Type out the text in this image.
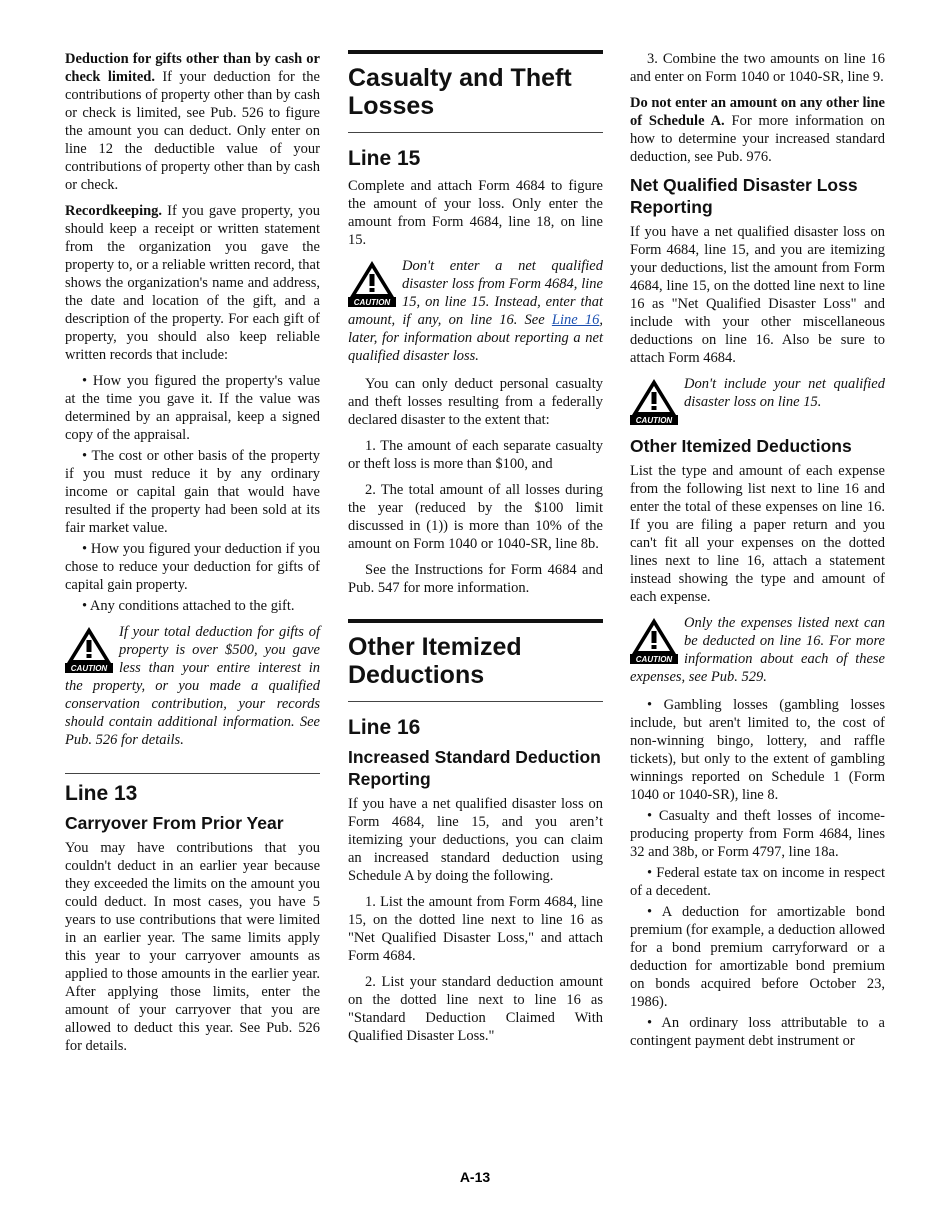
Deduction for gifts other than by cash or check limited. If your deduction for the contributions of property other than by cash or check is limited, see Pub. 526 to figure the amount you can deduct. Only enter on line 12 the deductible value of your contributions of property other than by cash or check.

Recordkeeping. If you gave property, you should keep a receipt or written statement from the organization you gave the property to, or a reliable written record, that shows the organization's name and address, the date and location of the gift, and a description of the property. For each gift of property, you should also keep reliable written records that include:

• How you figured the property's value at the time you gave it. If the value was determined by an appraisal, keep a signed copy of the appraisal.
• The cost or other basis of the property if you must reduce it by any ordinary income or capital gain that would have resulted if the property had been sold at its fair market value.
• How you figured your deduction if you chose to reduce your deduction for gifts of capital gain property.
• Any conditions attached to the gift.
CAUTION
If your total deduction for gifts of property is over $500, you gave less than your entire interest in the property, or you made a qualified conservation contribution, your records should contain additional information. See Pub. 526 for details.
Line 13
Carryover From Prior Year

You may have contributions that you couldn't deduct in an earlier year because they exceeded the limits on the amount you could deduct. In most cases, you have 5 years to use contributions that were limited in an earlier year. The same limits apply this year to your carryover amounts as applied to those amounts in the earlier year. After applying those limits, enter the amount of your carryover that you are allowed to deduct this year. See Pub. 526 for details.

Casualty and Theft Losses
Line 15

Complete and attach Form 4684 to figure the amount of your loss. Only enter the amount from Form 4684, line 18, on line 15.

CAUTION
Don't enter a net qualified disaster loss from Form 4684, line 15, on line 15. Instead, enter that amount, if any, on line 16. See Line 16, later, for information about reporting a net qualified disaster loss.

You can only deduct personal casualty and theft losses resulting from a federally declared disaster to the extent that:

1. The amount of each separate casualty or theft loss is more than $100, and

2. The total amount of all losses during the year (reduced by the $100 limit discussed in (1)) is more than 10% of the amount on Form 1040 or 1040-SR, line 8b.

See the Instructions for Form 4684 and Pub. 547 for more information.

Other Itemized Deductions
Line 16
Increased Standard Deduction Reporting

If you have a net qualified disaster loss on Form 4684, line 15, and you aren’t itemizing your deductions, you can claim an increased standard deduction using Schedule A by doing the following.

1. List the amount from Form 4684, line 15, on the dotted line next to line 16 as "Net Qualified Disaster Loss," and attach Form 4684.

2. List your standard deduction amount on the dotted line next to line 16 as "Standard Deduction Claimed With Qualified Disaster Loss."

3. Combine the two amounts on line 16 and enter on Form 1040 or 1040-SR, line 9.

Do not enter an amount on any other line of Schedule A. For more information on how to determine your increased standard deduction, see Pub. 976.

Net Qualified Disaster Loss Reporting

If you have a net qualified disaster loss on Form 4684, line 15, and you are itemizing your deductions, list the amount from Form 4684, line 15, on the dotted line next to line 16 as "Net Qualified Disaster Loss" and include with your other miscellaneous deductions on line 16. Also be sure to attach Form 4684.

CAUTION
Don't include your net qualified disaster loss on line 15.
Other Itemized Deductions

List the type and amount of each expense from the following list next to line 16 and enter the total of these expenses on line 16. If you are filing a paper return and you can't fit all your expenses on the dotted lines next to line 16, attach a statement instead showing the type and amount of each expense.

CAUTION
Only the expenses listed next can be deducted on line 16. For more information about each of these expenses, see Pub. 529.
• Gambling losses (gambling losses include, but aren't limited to, the cost of non-winning bingo, lottery, and raffle tickets), but only to the extent of gambling winnings reported on Schedule 1 (Form 1040 or 1040-SR), line 8.
• Casualty and theft losses of income-producing property from Form 4684, lines 32 and 38b, or Form 4797, line 18a.
• Federal estate tax on income in respect of a decedent.
• A deduction for amortizable bond premium (for example, a deduction allowed for a bond premium carryforward or a deduction for amortizable bond premium on bonds acquired before October 23, 1986).
• An ordinary loss attributable to a contingent payment debt instrument or
A-13
